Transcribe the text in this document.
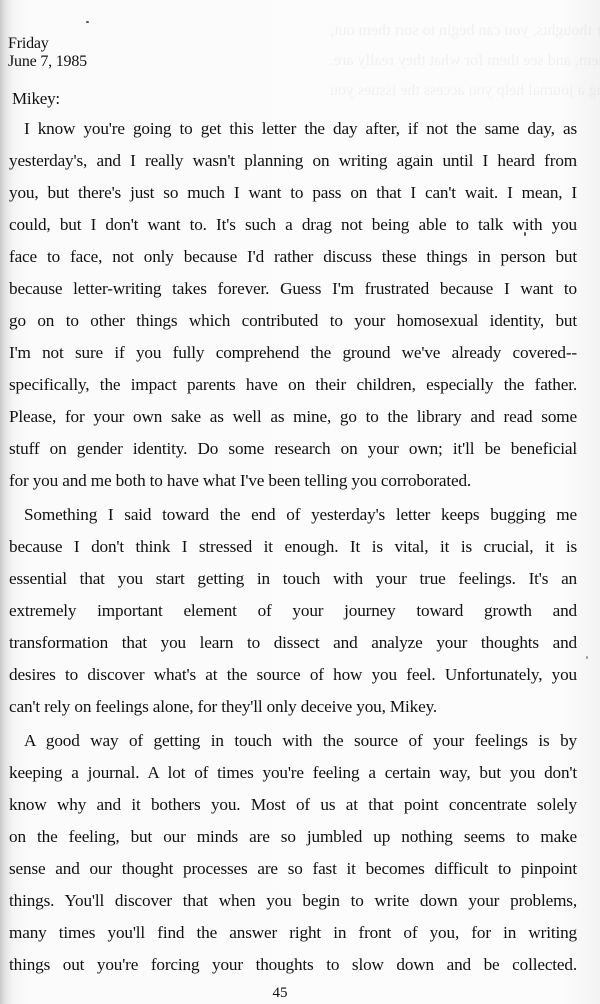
Friday
June 7, 1985
Mikey:
I know you're going to get this letter the day after, if not the same day, as
yesterday's, and I really wasn't planning on writing again until I heard from
you, but there's just so much I want to pass on that I can't wait. I mean, I
could, but I don't want to. It's such a drag not being able to talk with you
face to face, not only because I'd rather discuss these things in person but
because letter-writing takes forever. Guess I'm frustrated because I want to
go on to other things which contributed to your homosexual identity, but
I'm not sure if you fully comprehend the ground we've already covered--
specifically, the impact parents have on their children, especially the father.
Please, for your own sake as well as mine, go to the library and read some
stuff on gender identity. Do some research on your own; it'll be beneficial
for you and me both to have what I've been telling you corroborated.
Something I said toward the end of yesterday's letter keeps bugging me
because I don't think I stressed it enough. It is vital, it is crucial, it is
essential that you start getting in touch with your true feelings. It's an
extremely important element of your journey toward growth and
transformation that you learn to dissect and analyze your thoughts and
desires to discover what's at the source of how you feel. Unfortunately, you
can't rely on feelings alone, for they'll only deceive you, Mikey.
A good way of getting in touch with the source of your feelings is by
keeping a journal. A lot of times you're feeling a certain way, but you don't
know why and it bothers you. Most of us at that point concentrate solely
on the feeling, but our minds are so jumbled up nothing seems to make
sense and our thought processes are so fast it becomes difficult to pinpoint
things. You'll discover that when you begin to write down your problems,
many times you'll find the answer right in front of you, for in writing
things out you're forcing your thoughts to slow down and be collected.
45
